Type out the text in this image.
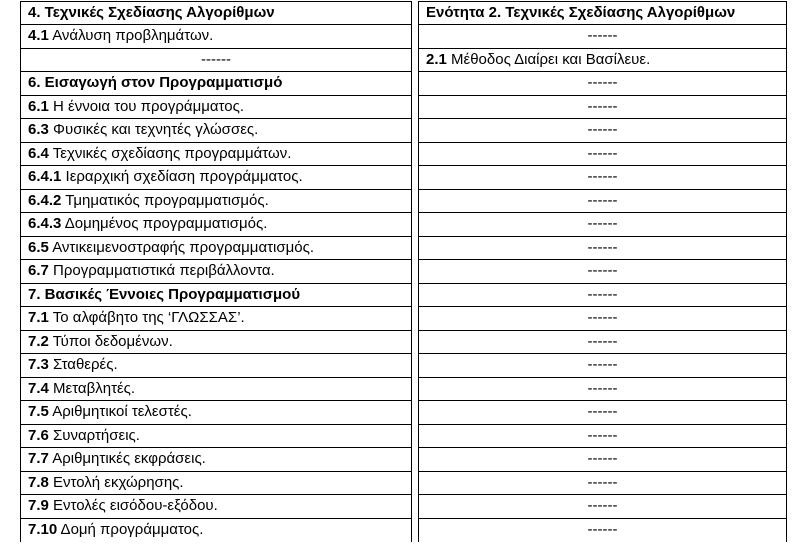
4. Τεχνικές Σχεδίασης Αλγορίθμων		Ενότητα 2. Τεχνικές Σχεδίασης Αλγορίθμων
4.1 Ανάλυση προβλημάτων.		------
------		2.1 Μέθοδος Διαίρει και Βασίλευε.
6. Εισαγωγή στον Προγραμματισμό		------
6.1 Η έννοια του προγράμματος.		------
6.3 Φυσικές και τεχνητές γλώσσες.		------
6.4 Τεχνικές σχεδίασης προγραμμάτων.		------
6.4.1 Ιεραρχική σχεδίαση προγράμματος.		------
6.4.2 Τμηματικός προγραμματισμός.		------
6.4.3 Δομημένος προγραμματισμός.		------
6.5 Αντικειμενοστραφής προγραμματισμός.		------
6.7 Προγραμματιστικά περιβάλλοντα.		------
7. Βασικές Έννοιες Προγραμματισμού		------
7.1 Το αλφάβητο της ‘ΓΛΩΣΣΑΣ’.		------
7.2 Τύποι δεδομένων.		------
7.3 Σταθερές.		------
7.4 Μεταβλητές.		------
7.5 Αριθμητικοί τελεστές.		------
7.6 Συναρτήσεις.		------
7.7 Αριθμητικές εκφράσεις.		------
7.8 Εντολή εκχώρησης.		------
7.9 Εντολές εισόδου-εξόδου.		------
7.10 Δομή προγράμματος.		------
